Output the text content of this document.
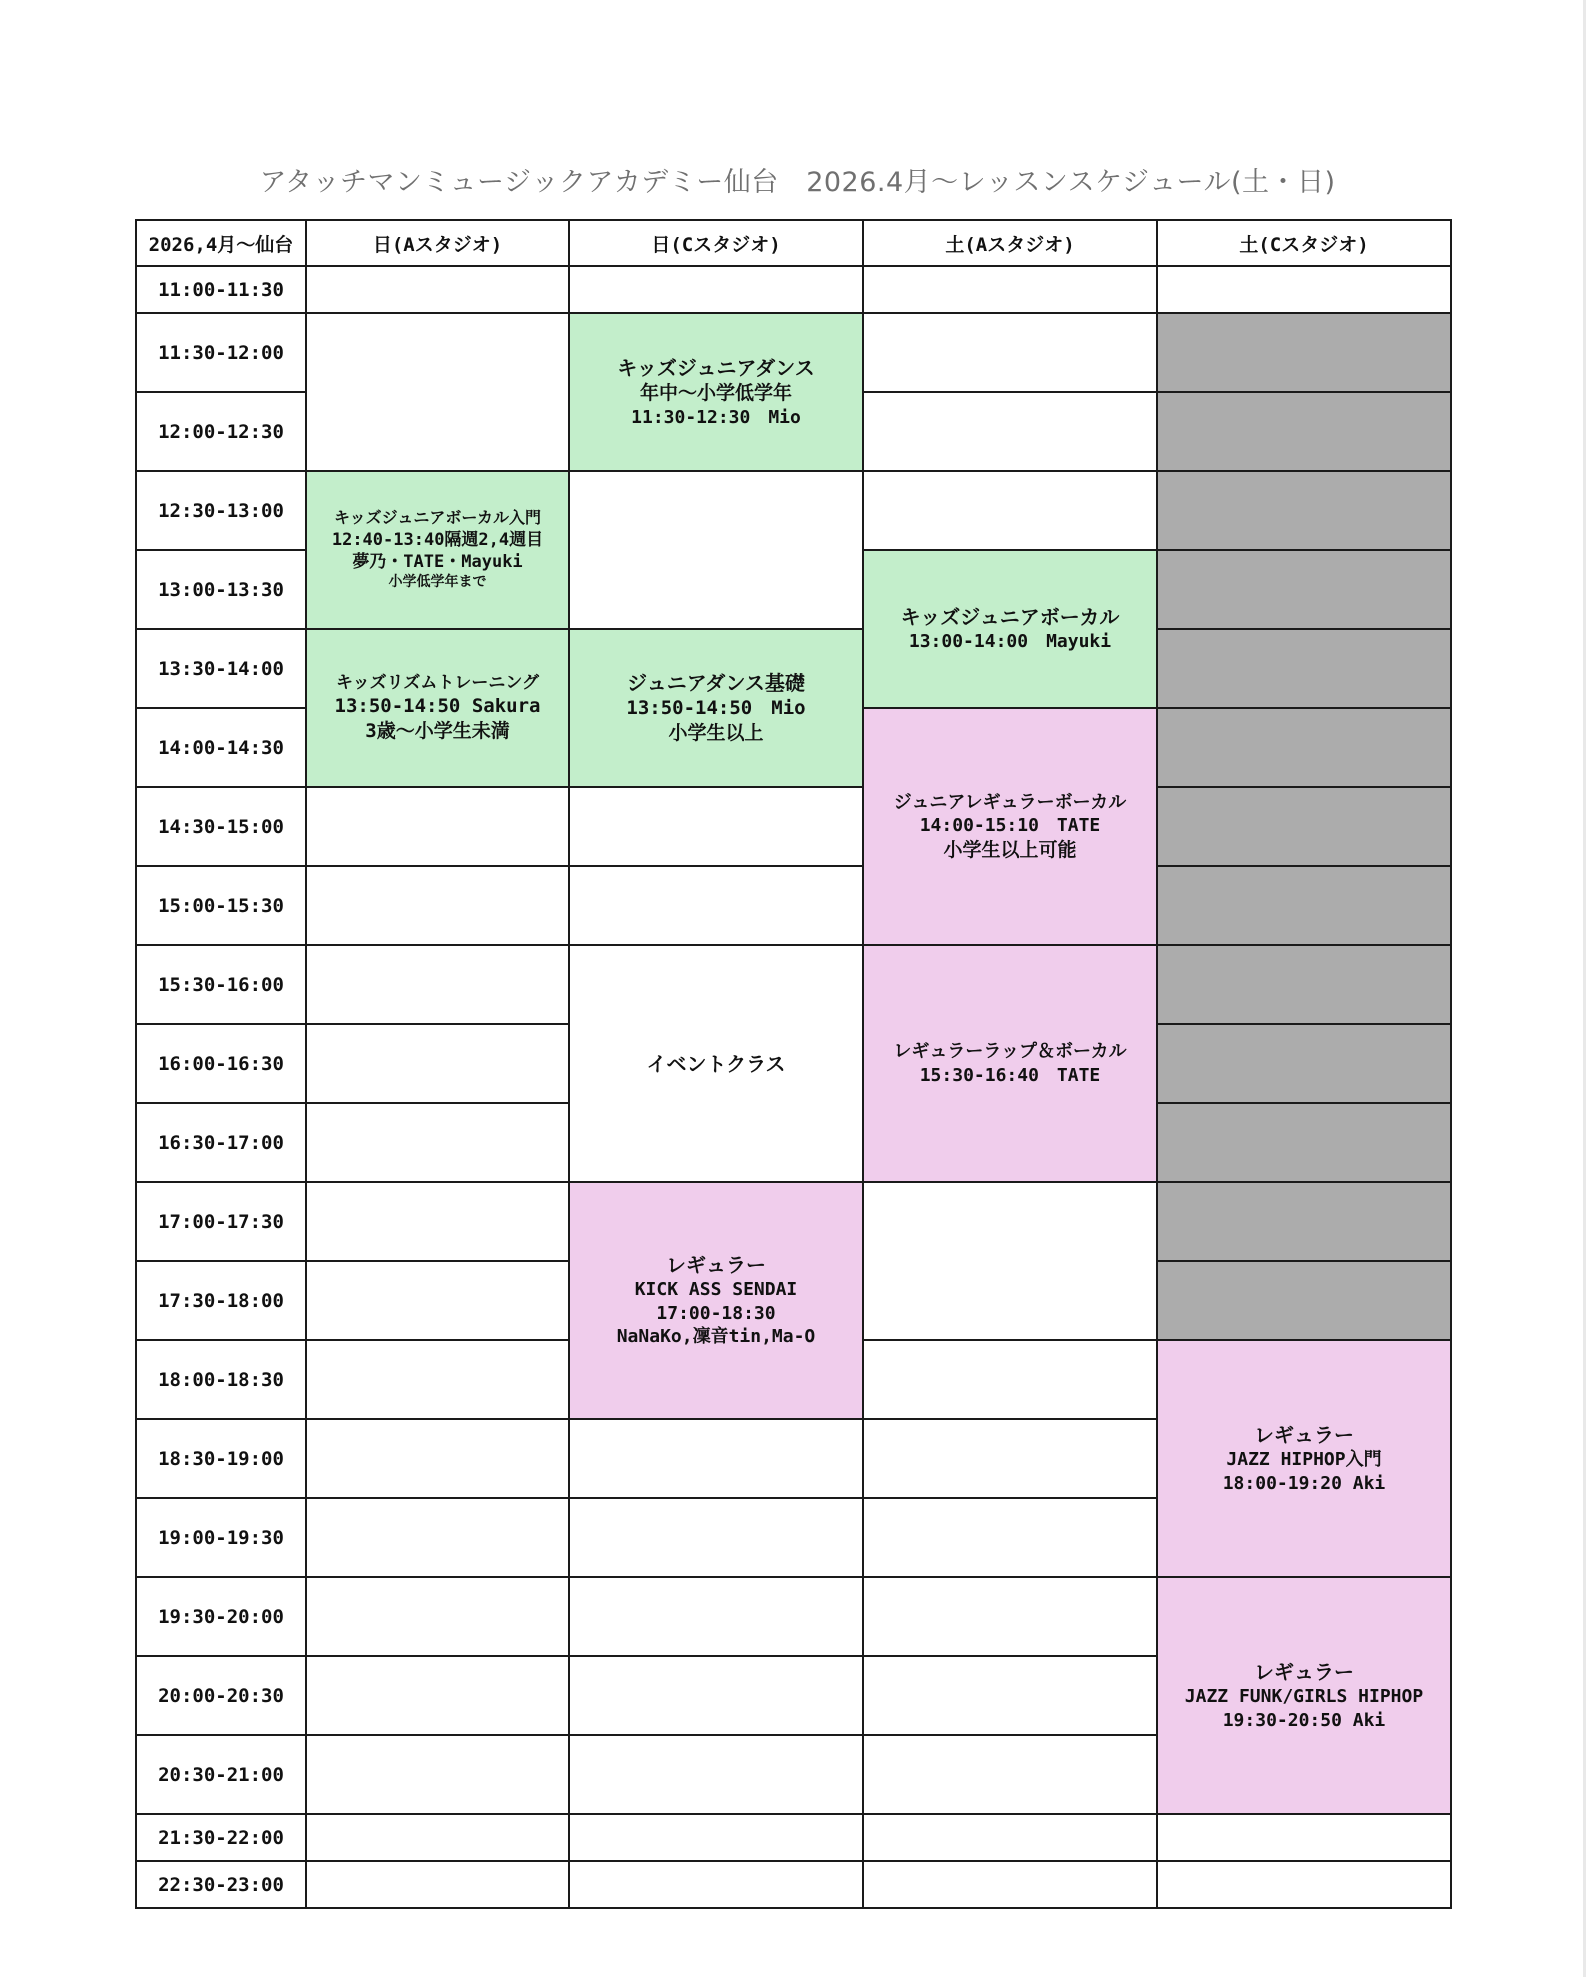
アタッチマンミュージックアカデミー仙台　2026.4月〜レッスンスケジュール(土・日)
2026,4月〜仙台	日(Aスタジオ)	日(Cスタジオ)	土(Aスタジオ)	土(Cスタジオ)
11:00-11:30				
11:30-12:00		キッズジュニアダンス
年中〜小学低学年
11:30-12:30　Mio		

12:00-12:30				
12:30-13:00	キッズジュニアボーカル入門
12:40-13:40隔週2,4週目
夢乃・TATE・Mayuki
小学低学年まで			

13:00-13:30			キッズジュニアボーカル
13:00-14:00　Mayuki	

13:30-14:00	キッズリズムトレーニング
13:50-14:50 Sakura
3歳〜小学生未満	ジュニアダンス基礎
13:50-14:50　Mio
小学生以上		

14:00-14:30			ジュニアレギュラーボーカル
14:00-15:10　TATE
小学生以上可能	

14:30-15:00				
15:00-15:30				
15:30-16:00		イベントクラス	レギュラーラップ＆ボーカル
15:30-16:40　TATE	

16:00-16:30				
16:30-17:00				
17:00-17:30		レギュラー
KICK ASS SENDAI
17:00-18:30
NaNaKo,凜音tin,Ma-O		

17:30-18:00				
18:00-18:30				レギュラー
JAZZ HIPHOP入門
18:00-19:20 Aki

18:30-19:00				
19:00-19:30				
19:30-20:00				レギュラー
JAZZ FUNK/GIRLS HIPHOP
19:30-20:50 Aki

20:00-20:30				
20:30-21:00				
21:30-22:00				
22:30-23:00				
